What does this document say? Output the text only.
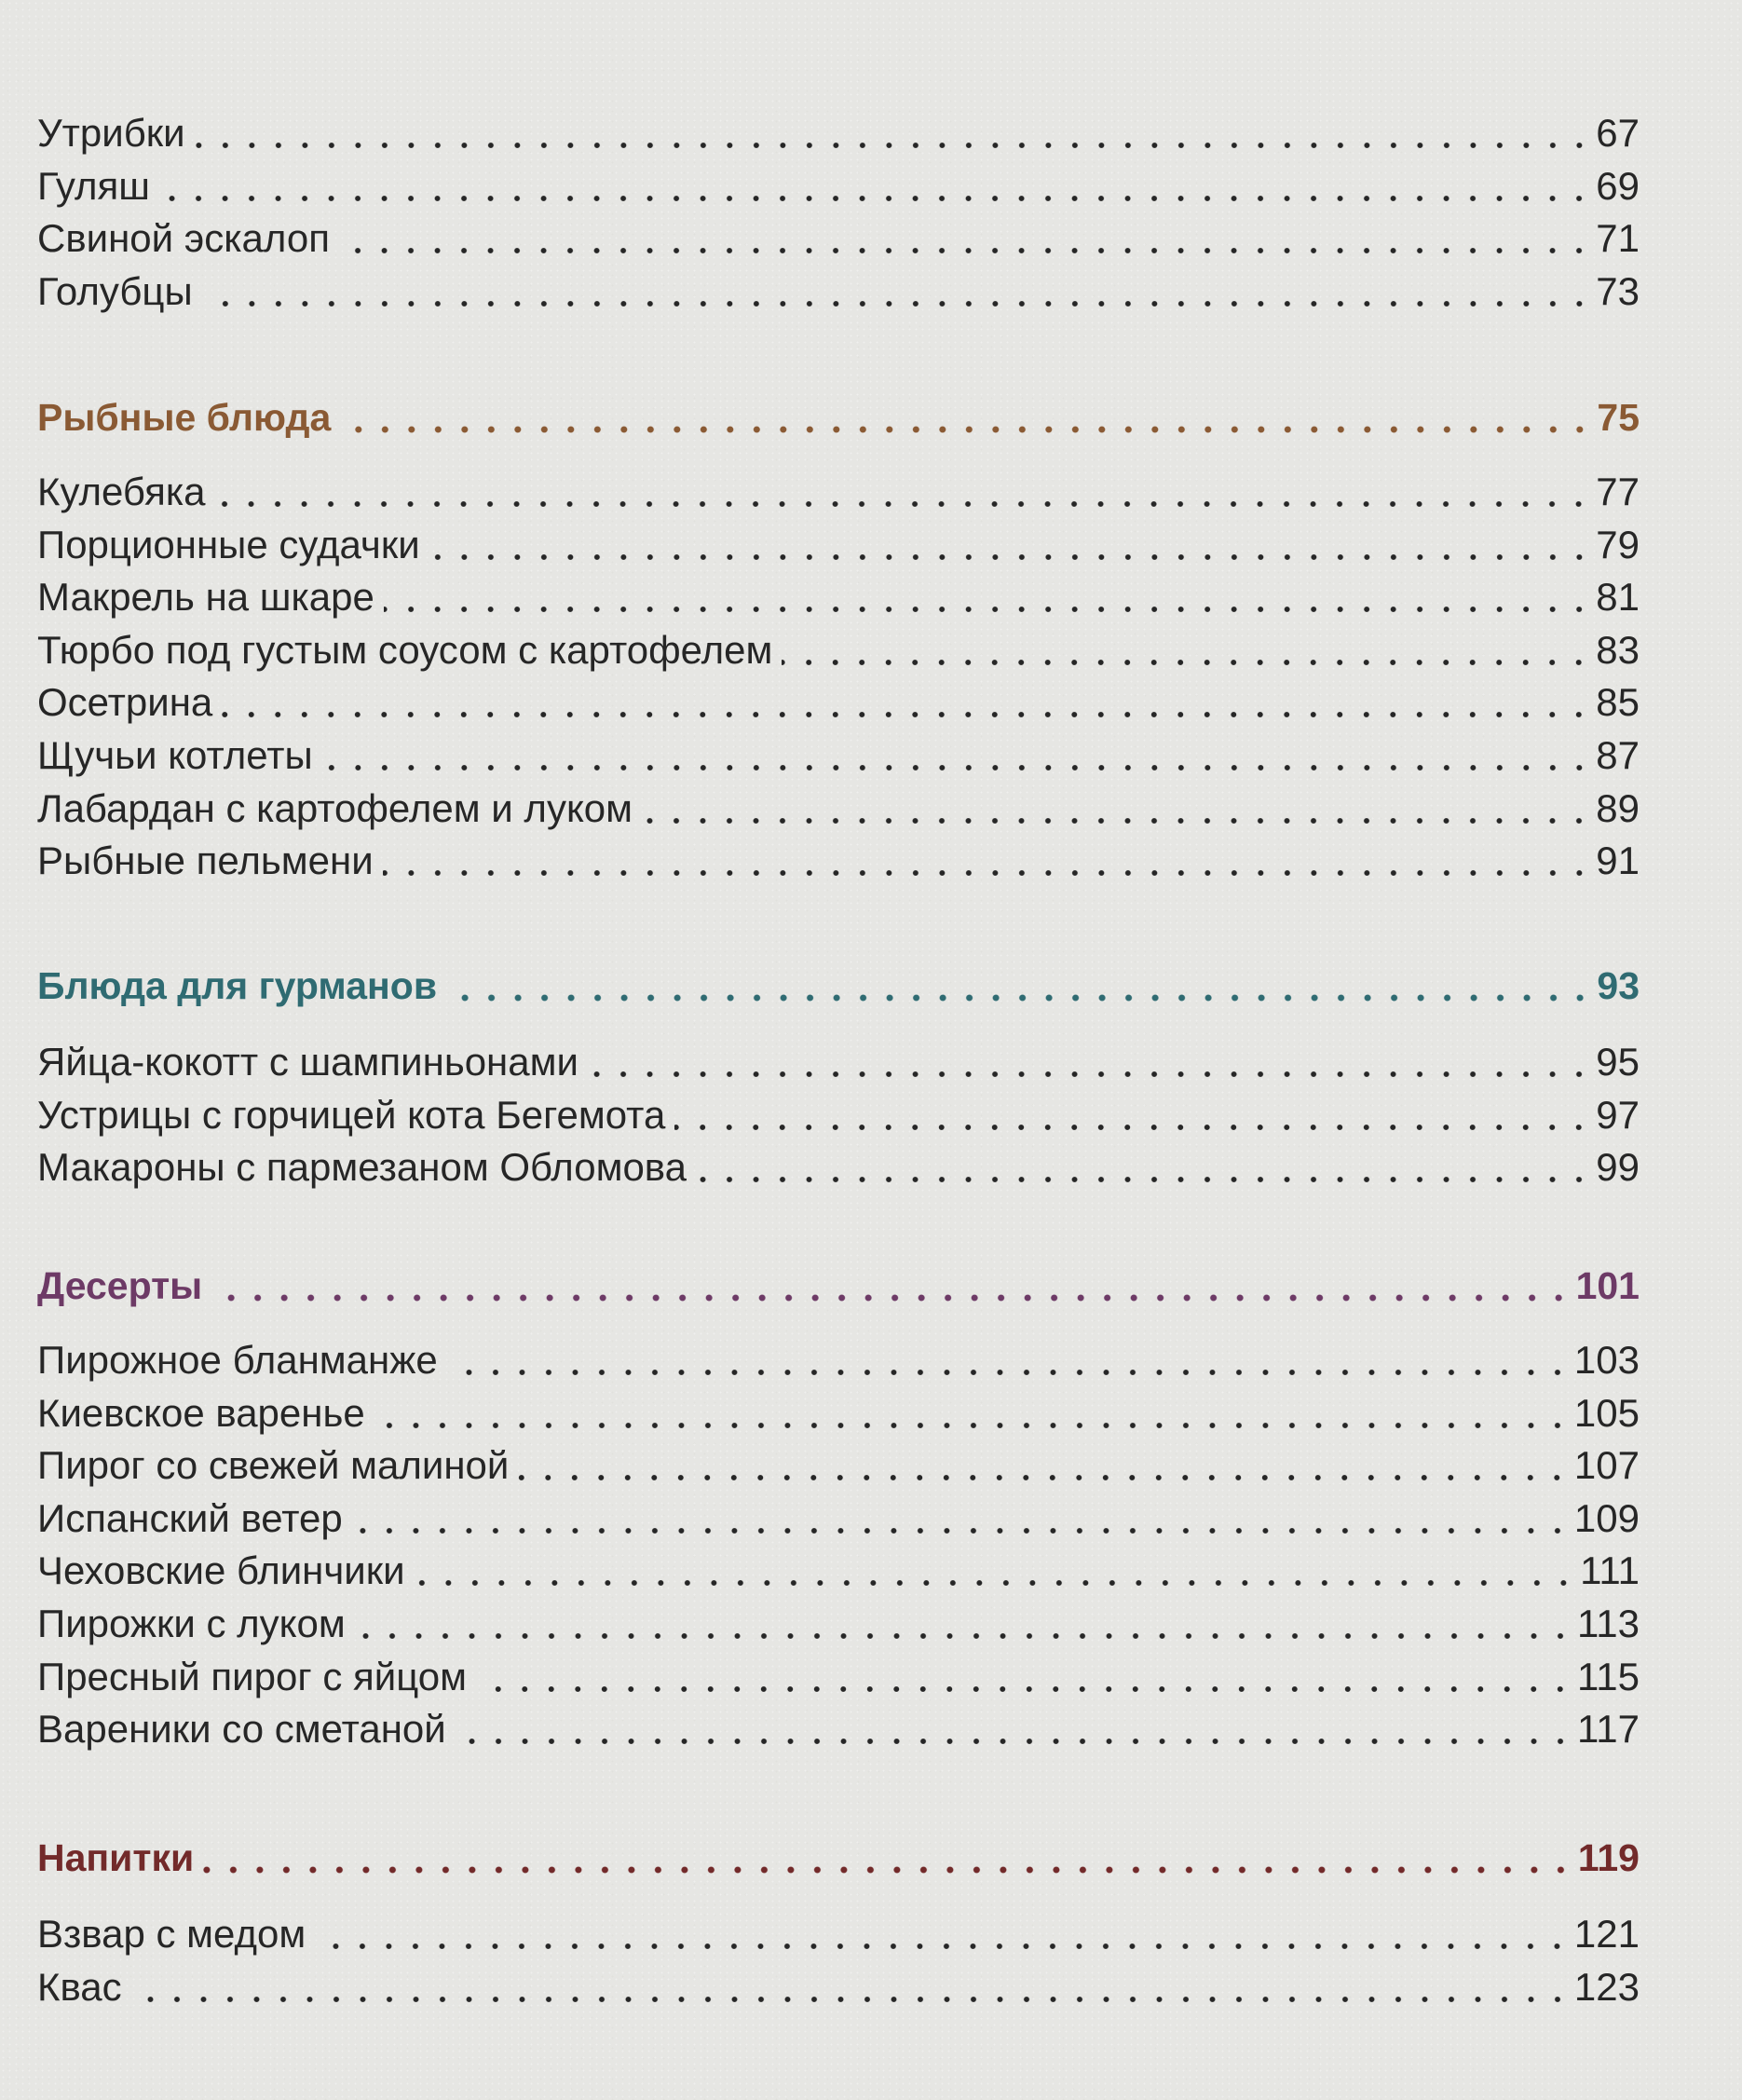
Утрибки	67
Гуляш	69
Свиной эскалоп	71
Голубцы	73
Рыбные блюда	75
Кулебяка	77
Порционные судачки	79
Макрель на шкаре	81
Тюрбо под густым соусом с картофелем	83
Осетрина	85
Щучьи котлеты	87
Лабардан с картофелем и луком	89
Рыбные пельмени	91
Блюда для гурманов	93
Яйца-кокотт с шампиньонами	95
Устрицы с горчицей кота Бегемота	97
Макароны с пармезаном Обломова	99
Десерты	101
Пирожное бланманже	103
Киевское варенье	105
Пирог со свежей малиной	107
Испанский ветер	109
Чеховские блинчики	111
Пирожки с луком	113
Пресный пирог с яйцом	115
Вареники со сметаной	117
Напитки	119
Взвар с медом	121
Квас	123
